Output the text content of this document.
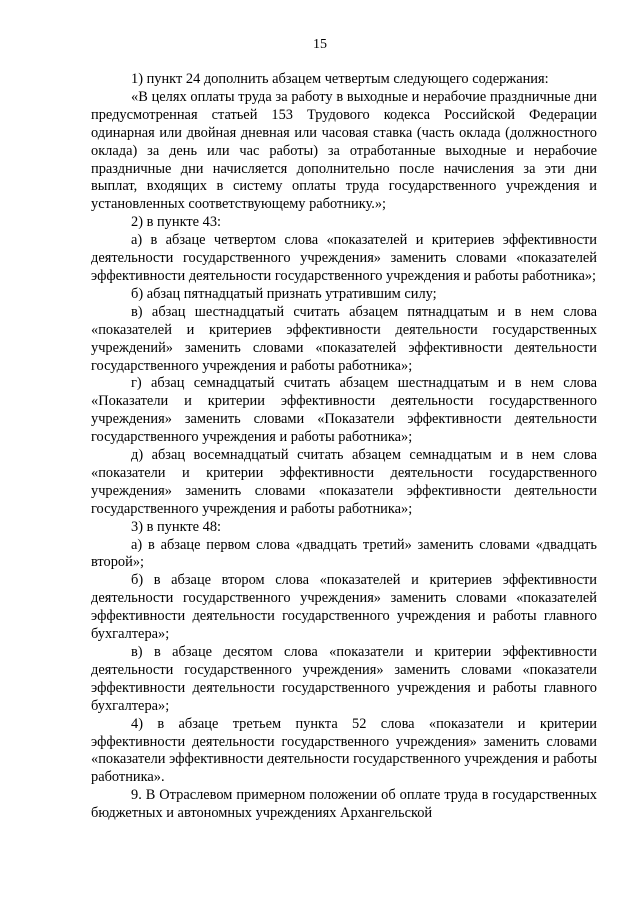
15

1) пункт 24 дополнить абзацем четвертым следующего содержания:

«В целях оплаты труда за работу в выходные и нерабочие праздничные дни предусмотренная статьей 153 Трудового кодекса Российской Федерации одинарная или двойная дневная или часовая ставка (часть оклада (должностного оклада) за день или час работы) за отработанные выходные и нерабочие праздничные дни начисляется дополнительно после начисления за эти дни выплат, входящих в систему оплаты труда государственного учреждения и установленных соответствующему работнику.»;

2) в пункте 43:

а) в абзаце четвертом слова «показателей и критериев эффективности деятельности государственного учреждения» заменить словами «показателей эффективности деятельности государственного учреждения и работы работника»;

б) абзац пятнадцатый признать утратившим силу;

в) абзац шестнадцатый считать абзацем пятнадцатым и в нем слова «показателей и критериев эффективности деятельности государственных учреждений» заменить словами «показателей эффективности деятельности государственного учреждения и работы работника»;

г) абзац семнадцатый считать абзацем шестнадцатым и в нем слова «Показатели и критерии эффективности деятельности государственного учреждения» заменить словами «Показатели эффективности деятельности государственного учреждения и работы работника»;

д) абзац восемнадцатый считать абзацем семнадцатым и в нем слова «показатели и критерии эффективности деятельности государственного учреждения» заменить словами «показатели эффективности деятельности государственного учреждения и работы работника»;

3) в пункте 48:

а) в абзаце первом слова «двадцать третий» заменить словами «двадцать второй»;

б) в абзаце втором слова «показателей и критериев эффективности деятельности государственного учреждения» заменить словами «показателей эффективности деятельности государственного учреждения и работы главного бухгалтера»;

в) в абзаце десятом слова «показатели и критерии эффективности деятельности государственного учреждения» заменить словами «показатели эффективности деятельности государственного учреждения и работы главного бухгалтера»;

4) в абзаце третьем пункта 52 слова «показатели и критерии эффективности деятельности государственного учреждения» заменить словами «показатели эффективности деятельности государственного учреждения и работы работника».

9. В Отраслевом примерном положении об оплате труда в государственных бюджетных и автономных учреждениях Архангельской
